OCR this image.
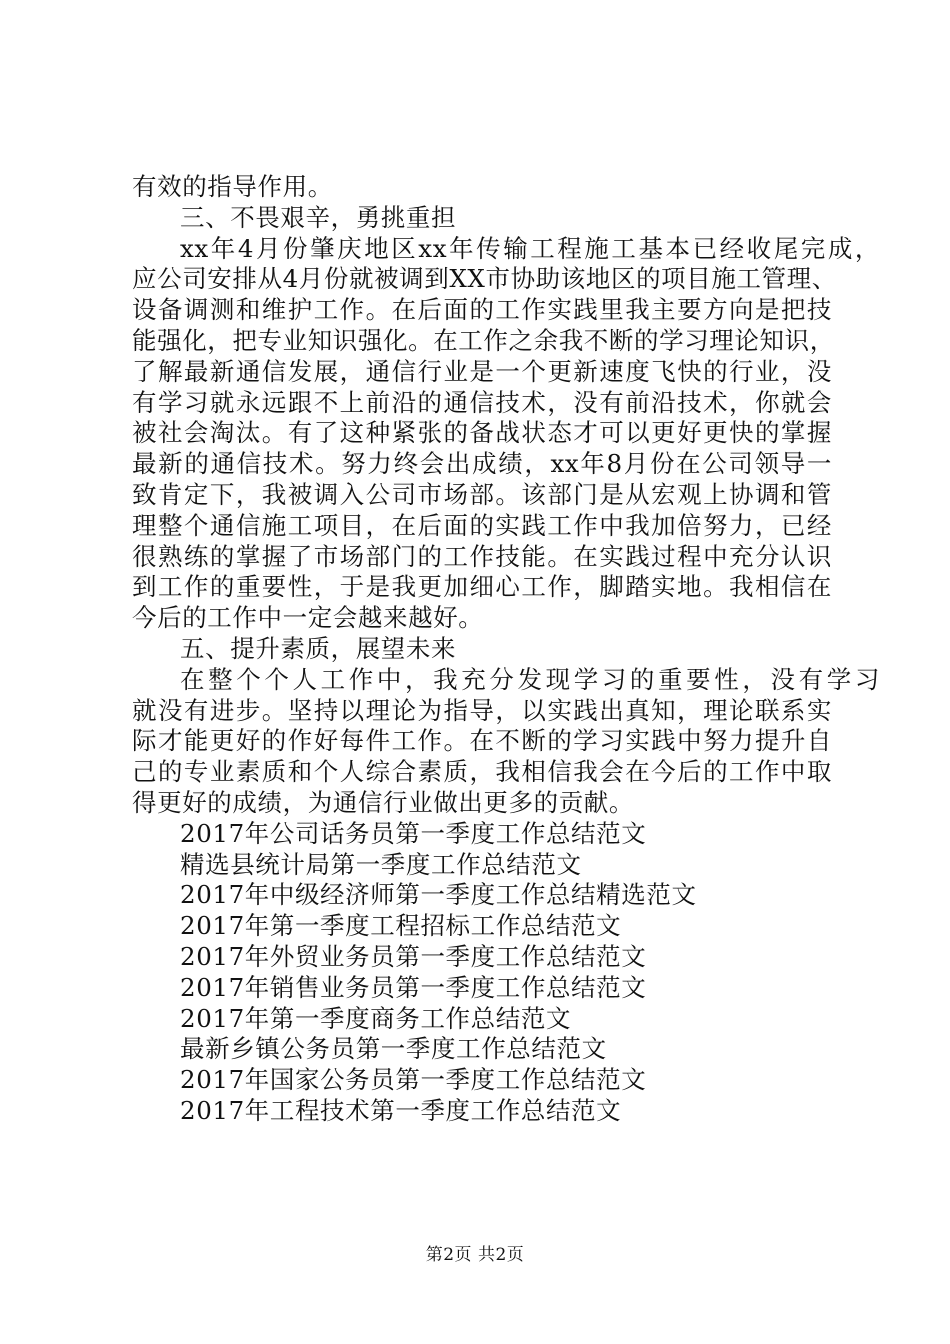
有效的指导作用。
三、不畏艰辛，勇挑重担
xx年4月份肇庆地区xx年传输工程施工基本已经收尾完成，
应公司安排从4月份就被调到XX市协助该地区的项目施工管理、
设备调测和维护工作。在后面的工作实践里我主要方向是把技
能强化，把专业知识强化。在工作之余我不断的学习理论知识，
了解最新通信发展，通信行业是一个更新速度飞快的行业，没
有学习就永远跟不上前沿的通信技术，没有前沿技术，你就会
被社会淘汰。有了这种紧张的备战状态才可以更好更快的掌握
最新的通信技术。努力终会出成绩，xx年8月份在公司领导一
致肯定下，我被调入公司市场部。该部门是从宏观上协调和管
理整个通信施工项目，在后面的实践工作中我加倍努力，已经
很熟练的掌握了市场部门的工作技能。在实践过程中充分认识
到工作的重要性，于是我更加细心工作，脚踏实地。我相信在
今后的工作中一定会越来越好。
五、提升素质，展望未来
在整个个人工作中，我充分发现学习的重要性，没有学习
就没有进步。坚持以理论为指导，以实践出真知，理论联系实
际才能更好的作好每件工作。在不断的学习实践中努力提升自
己的专业素质和个人综合素质，我相信我会在今后的工作中取
得更好的成绩，为通信行业做出更多的贡献。
2017年公司话务员第一季度工作总结范文
精选县统计局第一季度工作总结范文
2017年中级经济师第一季度工作总结精选范文
2017年第一季度工程招标工作总结范文
2017年外贸业务员第一季度工作总结范文
2017年销售业务员第一季度工作总结范文
2017年第一季度商务工作总结范文
最新乡镇公务员第一季度工作总结范文
2017年国家公务员第一季度工作总结范文
2017年工程技术第一季度工作总结范文
第2页 共2页
